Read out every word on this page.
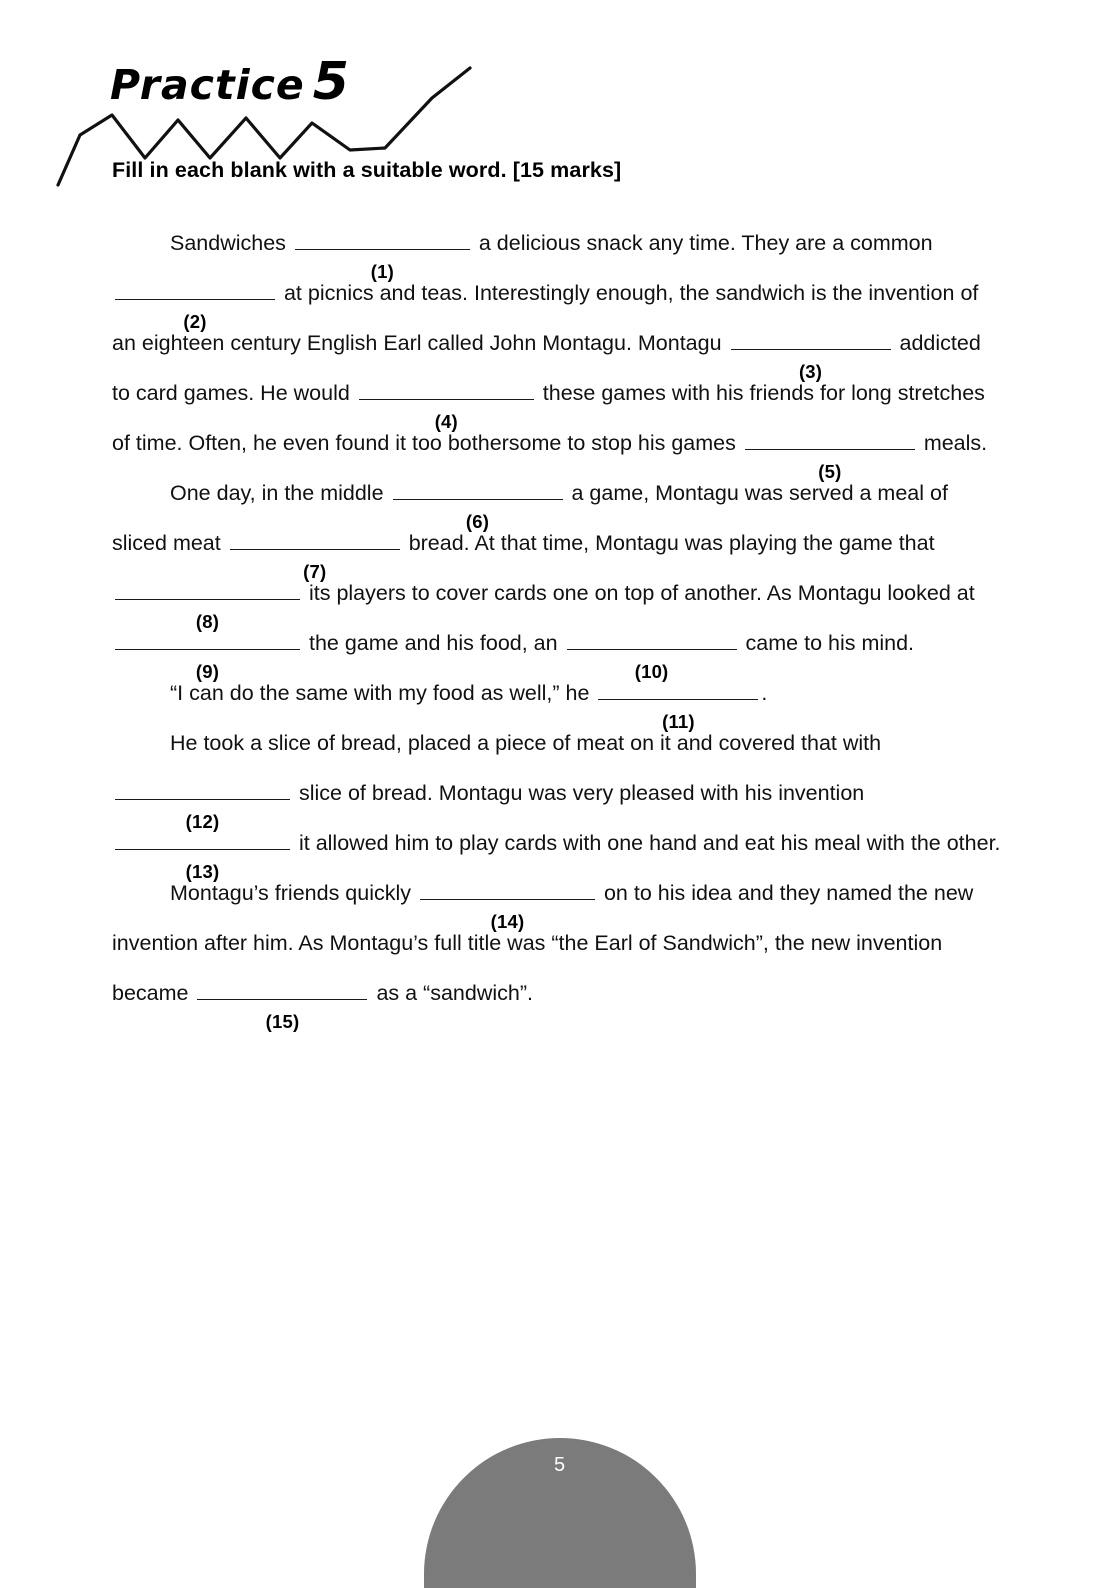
Practice 5
Fill in each blank with a suitable word. [15 marks]

Sandwiches
(1)
a delicious snack any time. They are a common
(2)
at picnics and teas. Interestingly enough, the sandwich is the invention of an eighteen century English Earl called John Montagu. Montagu
(3)
addicted to card games. He would
(4)
these games with his friends for long stretches of time. Often, he even found it too bothersome to stop his games
(5)
meals.

One day, in the middle
(6)
a game, Montagu was served a meal of sliced meat
(7)
bread. At that time, Montagu was playing the game that
(8)
its players to cover cards one on top of another. As Montagu looked at
(9)
the game and his food, an
(10)
came to his mind.

“I can do the same with my food as well,” he
(11)
.

He took a slice of bread, placed a piece of meat on it and covered that with
(12)
slice of bread. Montagu was very pleased with his invention
(13)
it allowed him to play cards with one hand and eat his meal with the other.

Montagu’s friends quickly
(14)
on to his idea and they named the new invention after him. As Montagu’s full title was “the Earl of Sandwich”, the new invention became
(15)
as a “sandwich”.

5
